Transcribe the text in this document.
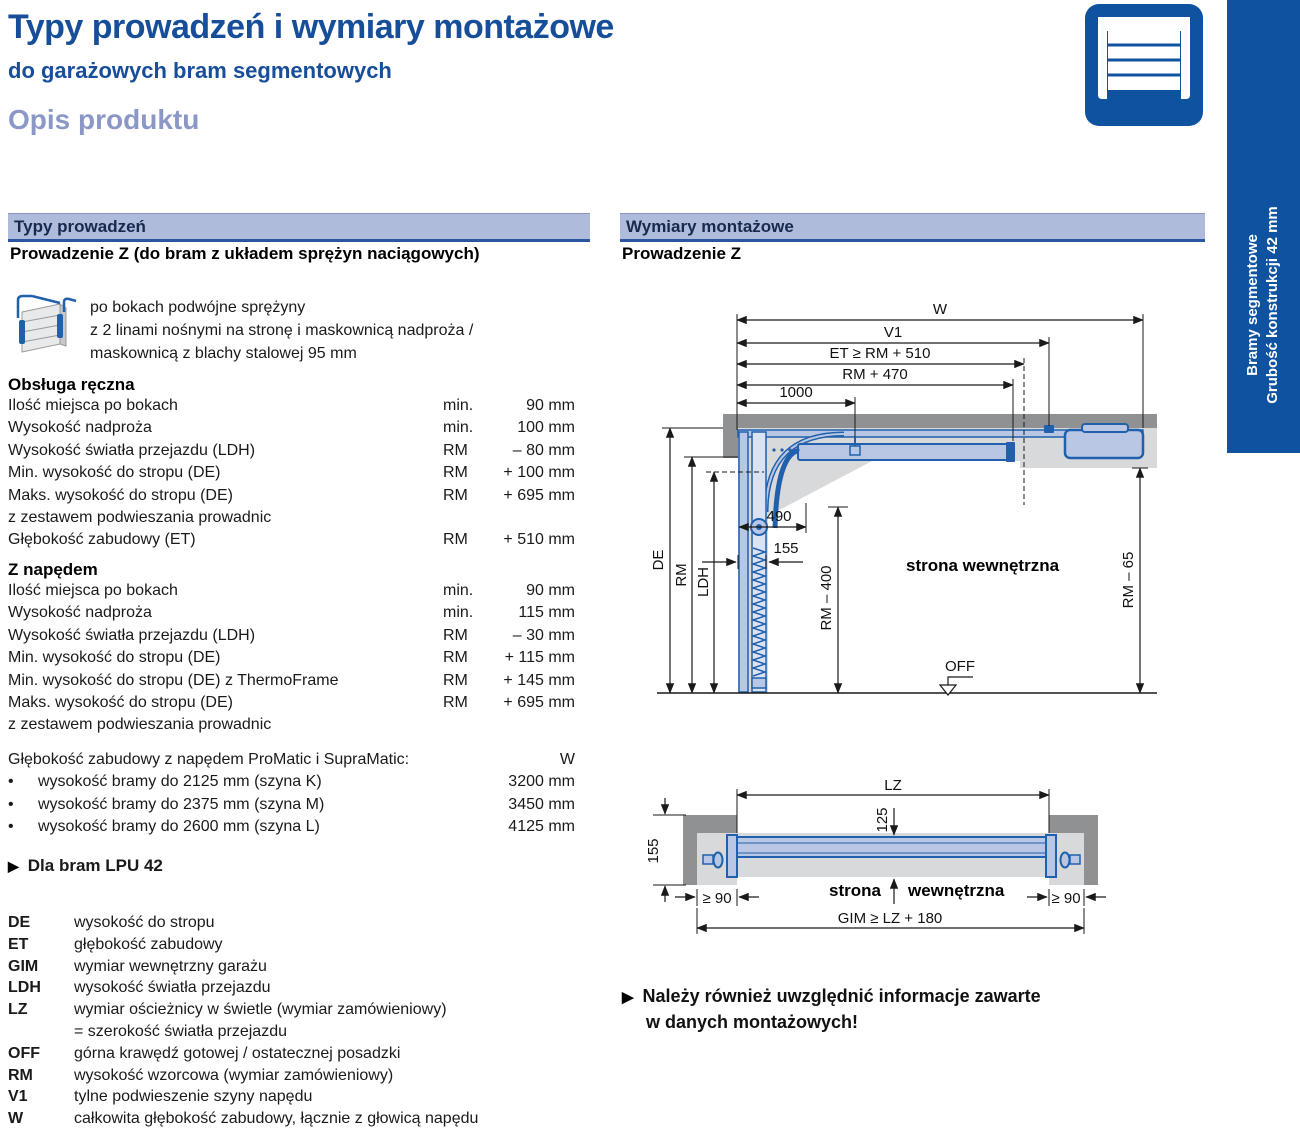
Typy prowadzeń i wymiary montażowe
do garażowych bram segmentowych
Opis produktu
Bramy segmentowe Grubość konstrukcji 42 mm
Typy prowadzeń
Prowadzenie Z (do bram z układem sprężyn naciągowych)
po bokach podwójne sprężyny
z 2 linami nośnymi na stronę i maskownicą nadproża /
maskownicą z blachy stalowej 95 mm
Obsługa ręczna
Ilość miejsca po bokach	min.	90 mm
Wysokość nadproża	min.	100 mm
Wysokość światła przejazdu (LDH)	RM	– 80 mm
Min. wysokość do stropu (DE)	RM	+ 100 mm
Maks. wysokość do stropu (DE)	RM	+ 695 mm
z zestawem podwieszania prowadnic
Głębokość zabudowy (ET)	RM	+ 510 mm
Z napędem
Ilość miejsca po bokach	min.	90 mm
Wysokość nadproża	min.	115 mm
Wysokość światła przejazdu (LDH)	RM	– 30 mm
Min. wysokość do stropu (DE)	RM	+ 115 mm
Min. wysokość do stropu (DE) z ThermoFrame	RM	+ 145 mm
Maks. wysokość do stropu (DE)	RM	+ 695 mm
z zestawem podwieszania prowadnic
Głębokość zabudowy z napędem ProMatic i SupraMatic:	W
•
wysokość bramy do 2125 mm (szyna K)	3200 mm
•
wysokość bramy do 2375 mm (szyna M)	3450 mm
•
wysokość bramy do 2600 mm (szyna L)	4125 mm
▶ Dla bram LPU 42
DE	wysokość do stropu
ET	głębokość zabudowy
GIM	wymiar wewnętrzny garażu
LDH	wysokość światła przejazdu
LZ	wymiar ościeżnicy w świetle (wymiar zamówieniowy)
= szerokość światła przejazdu
OFF	górna krawędź gotowej / ostatecznej posadzki
RM	wysokość wzorcowa (wymiar zamówieniowy)
V1	tylne podwieszenie szyny napędu
W	całkowita głębokość zabudowy, łącznie z głowicą napędu
Wymiary montażowe
Prowadzenie Z
W
V1
ET ≥ RM + 510
RM + 470
1000
490
155
DE
RM LDH	RM – 400	RM – 65
strona wewnętrzna
OFF
LZ
125
155
≥ 90	≥ 90
GIM ≥ LZ + 180
strona wewnętrzna
▶ Należy również uwzględnić informacje zawarte
w danych montażowych!
